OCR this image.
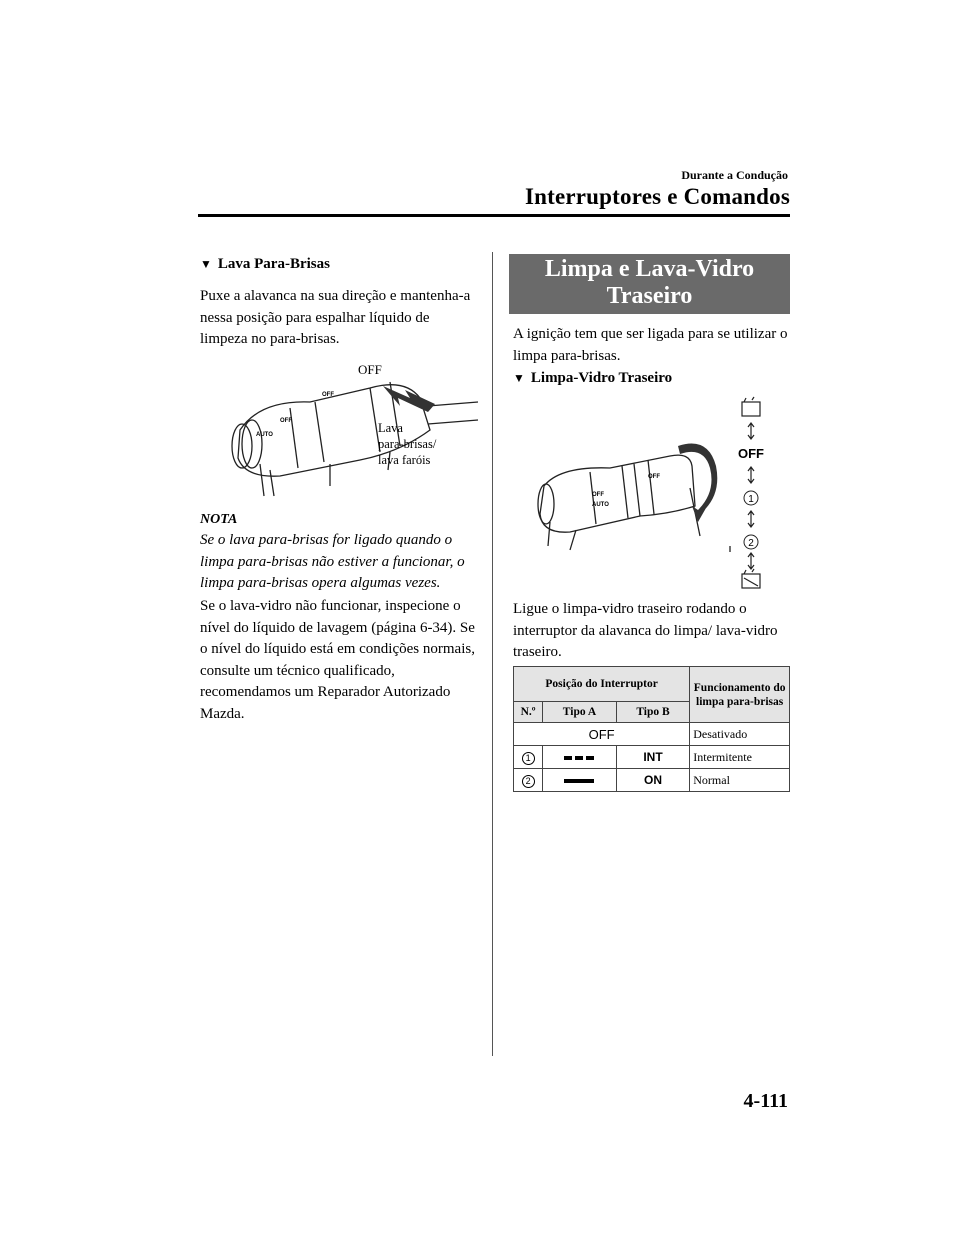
Durante a Condução
Interruptores e Comandos
▼ Lava Para-Brisas
Puxe a alavanca na sua direção e mantenha-a nessa posição para espalhar líquido de limpeza no para-brisas.
OFF
AUTO
OFF
OFF
Lava
para-brisas/
lava faróis
NOTA
Se o lava para-brisas for ligado quando o limpa para-brisas não estiver a funcionar, o limpa para-brisas opera algumas vezes.
Se o lava-vidro não funcionar, inspecione o nível do líquido de lavagem (página 6-34). Se o nível do líquido está em condições normais, consulte um técnico qualificado, recomendamos um Reparador Autorizado Mazda.
Limpa e Lava-Vidro
Traseiro
A ignição tem que ser ligada para se utilizar o limpa para-brisas.
▼ Limpa-Vidro Traseiro
OFF
AUTO
OFF
OFF
1
2
Ligue o limpa-vidro traseiro rodando o interruptor da alavanca do limpa/ lava-vidro traseiro.
Posição do Interruptor			Funcionamento do limpa para-brisas
N.º	Tipo A	Tipo B	
OFF			Desativado
1		INT	Intermitente
2		ON	Normal
4-111
